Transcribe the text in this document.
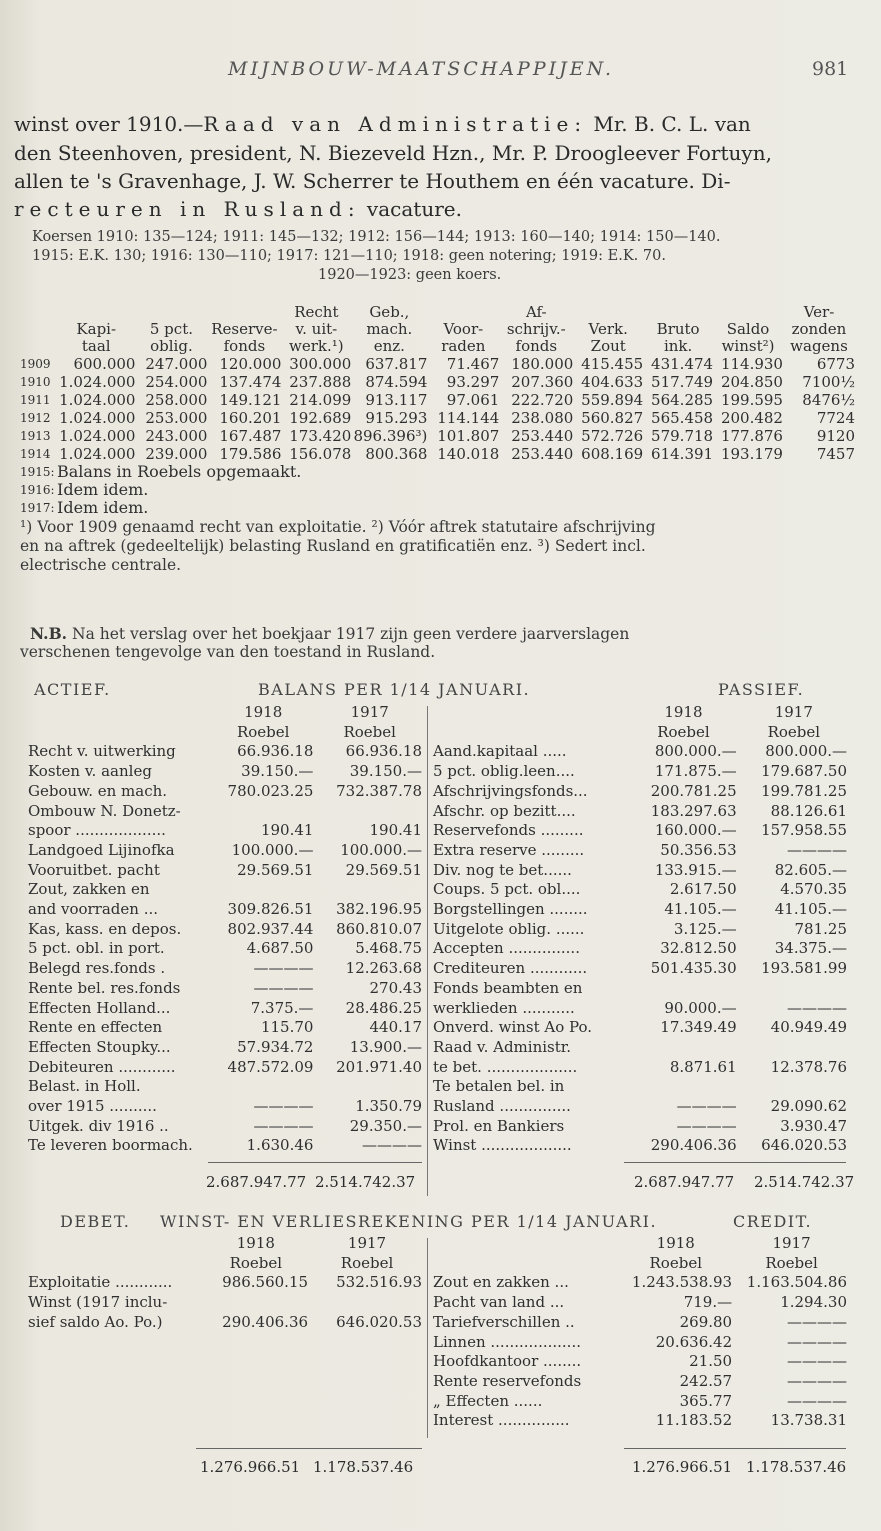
MIJNBOUW-MAATSCHAPPIJEN.	981
winst over 1910.—Raad van Administratie: Mr. B. C. L. van
den Steenhoven, president, N. Biezeveld Hzn., Mr. P. Droogleever Fortuyn,
allen te 's Gravenhage, J. W. Scherrer te Houthem en één vacature. Di-
recteuren in Rusland: vacature.
Koersen 1910: 135—124; 1911: 145—132; 1912: 156—144; 1913: 160—140; 1914: 150—140.
1915: E.K. 130; 1916: 130—110; 1917: 121—110; 1918: geen notering; 1919: E.K. 70.
1920—1923: geen koers.
				Recht	Geb.,		Af-				Ver-
	Kapi-	5 pct.	Reserve-	v. uit-	mach.	Voor-	schrijv.-	Verk.	Bruto	Saldo	zonden
	taal	oblig.	fonds	werk.¹)	enz.	raden	fonds	Zout	ink.	winst²)	wagens
1909	600.000	247.000	120.000	300.000	637.817	71.467	180.000	415.455	431.474	114.930	6773
1910	1.024.000	254.000	137.474	237.888	874.594	93.297	207.360	404.633	517.749	204.850	7100½
1911	1.024.000	258.000	149.121	214.099	913.117	97.061	222.720	559.894	564.285	199.595	8476½
1912	1.024.000	253.000	160.201	192.689	915.293	114.144	238.080	560.827	565.458	200.482	7724
1913	1.024.000	243.000	167.487	173.420	896.396³)	101.807	253.440	572.726	579.718	177.876	9120
1914	1.024.000	239.000	179.586	156.078	800.368	140.018	253.440	608.169	614.391	193.179	7457
1915:	Balans in Roebels opgemaakt.										
1916:	Idem idem.										
1917:	Idem idem.										
¹) Voor 1909 genaamd recht van exploitatie. ²) Vóór aftrek statutaire afschrijving
en na aftrek (gedeeltelijk) belasting Rusland en gratificatiën enz. ³) Sedert incl.
electrische centrale.
N.B. Na het verslag over het boekjaar 1917 zijn geen verdere jaarverslagen
verschenen tengevolge van den toestand in Rusland.
ACTIEF.	BALANS PER 1/14 JANUARI.	PASSIEF.
	1918	1917
	Roebel	Roebel
Recht v. uitwerking	66.936.18	66.936.18
Kosten v. aanleg	39.150.—	39.150.—
Gebouw. en mach.	780.023.25	732.387.78
Ombouw N. Donetz-		
spoor ...................	190.41	190.41
Landgoed Lijinofka	100.000.—	100.000.—
Vooruitbet. pacht	29.569.51	29.569.51
Zout, zakken en		
and voorraden ...	309.826.51	382.196.95
Kas, kass. en depos.	802.937.44	860.810.07
5 pct. obl. in port.	4.687.50	5.468.75
Belegd res.fonds .	————	12.263.68
Rente bel. res.fonds	————	270.43
Effecten Holland...	7.375.—	28.486.25
Rente en effecten	115.70	440.17
Effecten Stoupky...	57.934.72	13.900.—
Debiteuren ............	487.572.09	201.971.40
Belast. in Holl.		
over 1915 ..........	————	1.350.79
Uitgek. div 1916 ..	————	29.350.—
Te leveren boormach.	1.630.46	————
	1918	1917
	Roebel	Roebel
Aand.kapitaal .....	800.000.—	800.000.—
5 pct. oblig.leen....	171.875.—	179.687.50
Afschrijvingsfonds...	200.781.25	199.781.25
Afschr. op bezitt....	183.297.63	88.126.61
Reservefonds .........	160.000.—	157.958.55
Extra reserve .........	50.356.53	————
Div. nog te bet......	133.915.—	82.605.—
Coups. 5 pct. obl....	2.617.50	4.570.35
Borgstellingen ........	41.105.—	41.105.—
Uitgelote oblig. ......	3.125.—	781.25
Accepten ...............	32.812.50	34.375.—
Crediteuren ............	501.435.30	193.581.99
Fonds beambten en		
werklieden ...........	90.000.—	————
Onverd. winst Ao Po.	17.349.49	40.949.49
Raad v. Administr.		
te bet. ...................	8.871.61	12.378.76
Te betalen bel. in		
Rusland ...............	————	29.090.62
Prol. en Bankiers	————	3.930.47
Winst ...................	290.406.36	646.020.53
2.687.947.77 2.514.742.37	2.687.947.77 2.514.742.37
DEBET. WINST- EN VERLIESREKENING PER 1/14 JANUARI.	CREDIT.
	1918	1917
	Roebel	Roebel
Exploitatie ............	986.560.15	532.516.93
Winst (1917 inclu-		
sief saldo Ao. Po.)	290.406.36	646.020.53
	1918	1917
	Roebel	Roebel
Zout en zakken ...	1.243.538.93	1.163.504.86
Pacht van land ...	719.—	1.294.30
Tariefverschillen ..	269.80	————
Linnen ...................	20.636.42	————
Hoofdkantoor ........	21.50	————
Rente reservefonds	242.57	————
„ Effecten ......	365.77	————
Interest ...............	11.183.52	13.738.31
1.276.966.51 1.178.537.46	1.276.966.51 1.178.537.46
